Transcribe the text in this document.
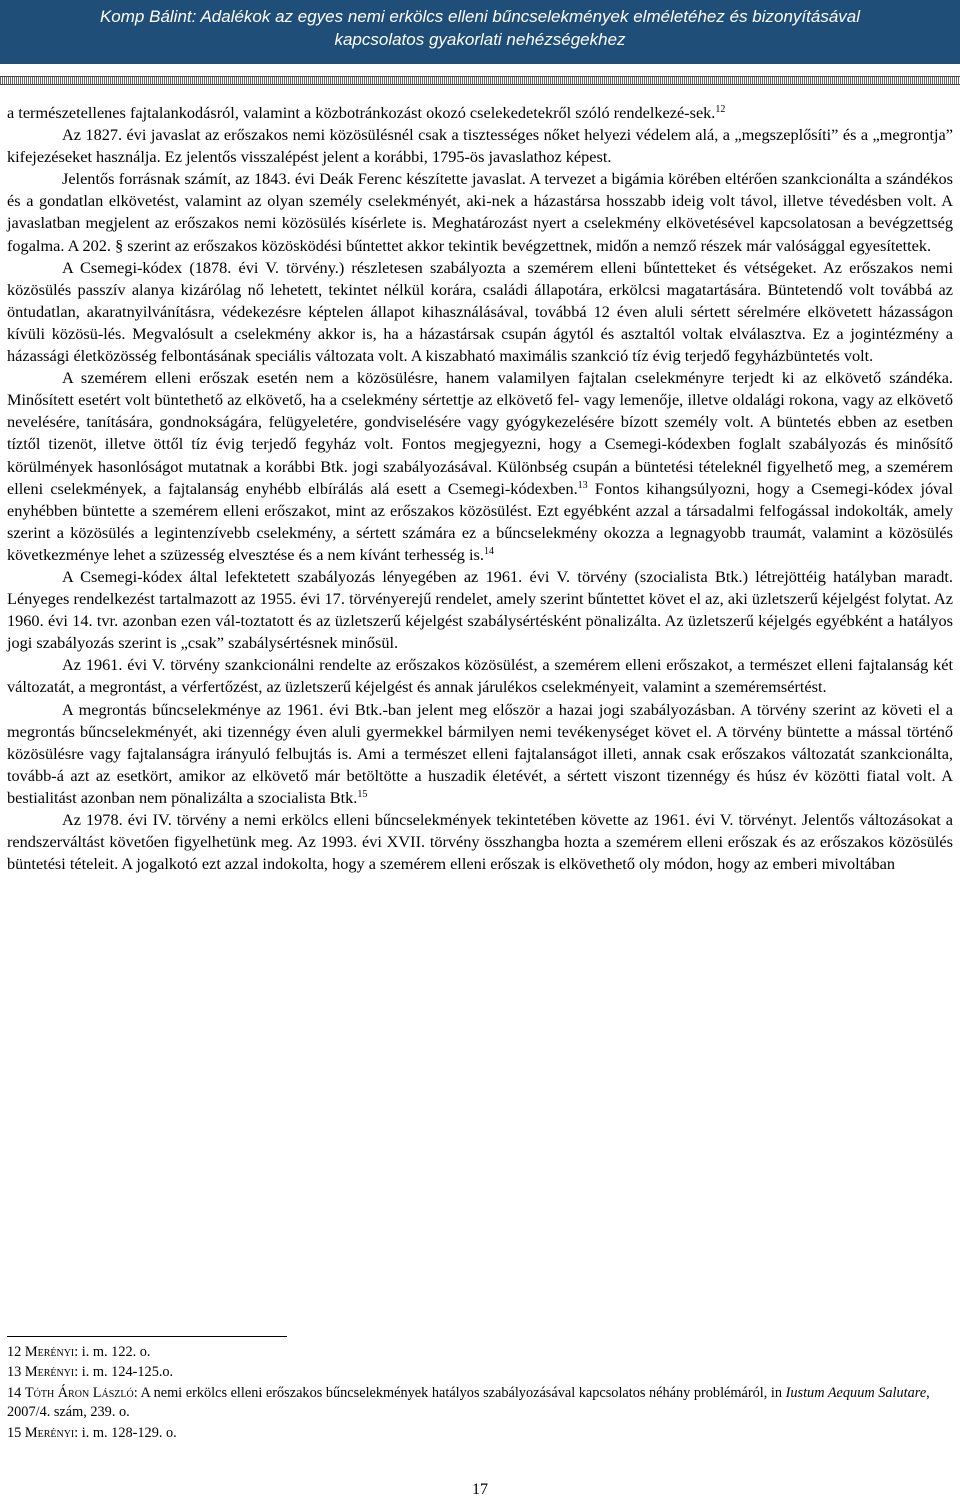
Komp Bálint: Adalékok az egyes nemi erkölcs elleni bűncselekmények elméletéhez és bizonyításával
kapcsolatos gyakorlati nehézségekhez

a természetellenes fajtalankodásról, valamint a közbotránkozást okozó cselekedetekről szóló rendelkezé-sek.$^{12}$

Az 1827. évi javaslat az erőszakos nemi közösülésnél csak a tisztességes nőket helyezi védelem alá, a „megszeplősíti” és a „megrontja” kifejezéseket használja. Ez jelentős visszalépést jelent a korábbi, 1795-ös javaslathoz képest.

Jelentős forrásnak számít, az 1843. évi Deák Ferenc készítette javaslat. A tervezet a bigámia körében eltérően szankcionálta a szándékos és a gondatlan elkövetést, valamint az olyan személy cselekményét, aki-nek a házastársa hosszabb ideig volt távol, illetve tévedésben volt. A javaslatban megjelent az erőszakos nemi közösülés kísérlete is. Meghatározást nyert a cselekmény elkövetésével kapcsolatosan a bevégzettség fogalma. A 202. § szerint az erőszakos közösködési bűntettet akkor tekintik bevégzettnek, midőn a nemző részek már valósággal egyesítettek.

A Csemegi-kódex (1878. évi V. törvény.) részletesen szabályozta a szemérem elleni bűntetteket és vétségeket. Az erőszakos nemi közösülés passzív alanya kizárólag nő lehetett, tekintet nélkül korára, családi állapotára, erkölcsi magatartására. Büntetendő volt továbbá az öntudatlan, akaratnyilvánításra, védekezésre képtelen állapot kihasználásával, továbbá 12 éven aluli sértett sérelmére elkövetett házasságon kívüli közösü-lés. Megvalósult a cselekmény akkor is, ha a házastársak csupán ágytól és asztaltól voltak elválasztva. Ez a jogintézmény a házassági életközösség felbontásának speciális változata volt. A kiszabható maximális szankció tíz évig terjedő fegyházbüntetés volt.

A szemérem elleni erőszak esetén nem a közösülésre, hanem valamilyen fajtalan cselekményre terjedt ki az elkövető szándéka. Minősített esetért volt büntethető az elkövető, ha a cselekmény sértettje az elkövető fel- vagy lemenője, illetve oldalági rokona, vagy az elkövető nevelésére, tanítására, gondnokságára, felügyeletére, gondviselésére vagy gyógykezelésére bízott személy volt. A büntetés ebben az esetben tíztől tizenöt, illetve öttől tíz évig terjedő fegyház volt. Fontos megjegyezni, hogy a Csemegi-kódexben foglalt szabályozás és minősítő körülmények hasonlóságot mutatnak a korábbi Btk. jogi szabályozásával. Különbség csupán a büntetési tételeknél figyelhető meg, a szemérem elleni cselekmények, a fajtalanság enyhébb elbírálás alá esett a Csemegi-kódexben.$^{13}$ Fontos kihangsúlyozni, hogy a Csemegi-kódex jóval enyhébben büntette a szemérem elleni erőszakot, mint az erőszakos közösülést. Ezt egyébként azzal a társadalmi felfogással indokolták, amely szerint a közösülés a legintenzívebb cselekmény, a sértett számára ez a bűncselekmény okozza a legnagyobb traumát, valamint a közösülés következménye lehet a szüzesség elvesztése és a nem kívánt terhesség is.$^{14}$

A Csemegi-kódex által lefektetett szabályozás lényegében az 1961. évi V. törvény (szocialista Btk.) létrejöttéig hatályban maradt. Lényeges rendelkezést tartalmazott az 1955. évi 17. törvényerejű rendelet, amely szerint bűntettet követ el az, aki üzletszerű kéjelgést folytat. Az 1960. évi 14. tvr. azonban ezen vál-toztatott és az üzletszerű kéjelgést szabálysértésként pönalizálta. Az üzletszerű kéjelgés egyébként a hatályos jogi szabályozás szerint is „csak” szabálysértésnek minősül.

Az 1961. évi V. törvény szankcionálni rendelte az erőszakos közösülést, a szemérem elleni erőszakot, a természet elleni fajtalanság két változatát, a megrontást, a vérfertőzést, az üzletszerű kéjelgést és annak járulékos cselekményeit, valamint a szeméremsértést.

A megrontás bűncselekménye az 1961. évi Btk.-ban jelent meg először a hazai jogi szabályozásban. A törvény szerint az követi el a megrontás bűncselekményét, aki tizennégy éven aluli gyermekkel bármilyen nemi tevékenységet követ el. A törvény büntette a mással történő közösülésre vagy fajtalanságra irányuló felbujtás is. Ami a természet elleni fajtalanságot illeti, annak csak erőszakos változatát szankcionálta, tovább-á azt az esetkört, amikor az elkövető már betöltötte a huszadik életévét, a sértett viszont tizennégy és húsz év közötti fiatal volt. A bestialitást azonban nem pönalizálta a szocialista Btk.$^{15}$

Az 1978. évi IV. törvény a nemi erkölcs elleni bűncselekmények tekintetében követte az 1961. évi V. törvényt. Jelentős változásokat a rendszerváltást követően figyelhetünk meg. Az 1993. évi XVII. törvény összhangba hozta a szemérem elleni erőszak és az erőszakos közösülés büntetési tételeit. A jogalkotó ezt azzal indokolta, hogy a szemérem elleni erőszak is elkövethető oly módon, hogy az emberi mivoltában

12 Merényi: i. m. 122. o.

13 Merényi: i. m. 124-125.o.

14 Tóth Áron László: A nemi erkölcs elleni erőszakos bűncselekmények hatályos szabályozásával kapcsolatos néhány problémáról, in Iustum Aequum Salutare, 2007/4. szám, 239. o.

15 Merényi: i. m. 128-129. o.

17
